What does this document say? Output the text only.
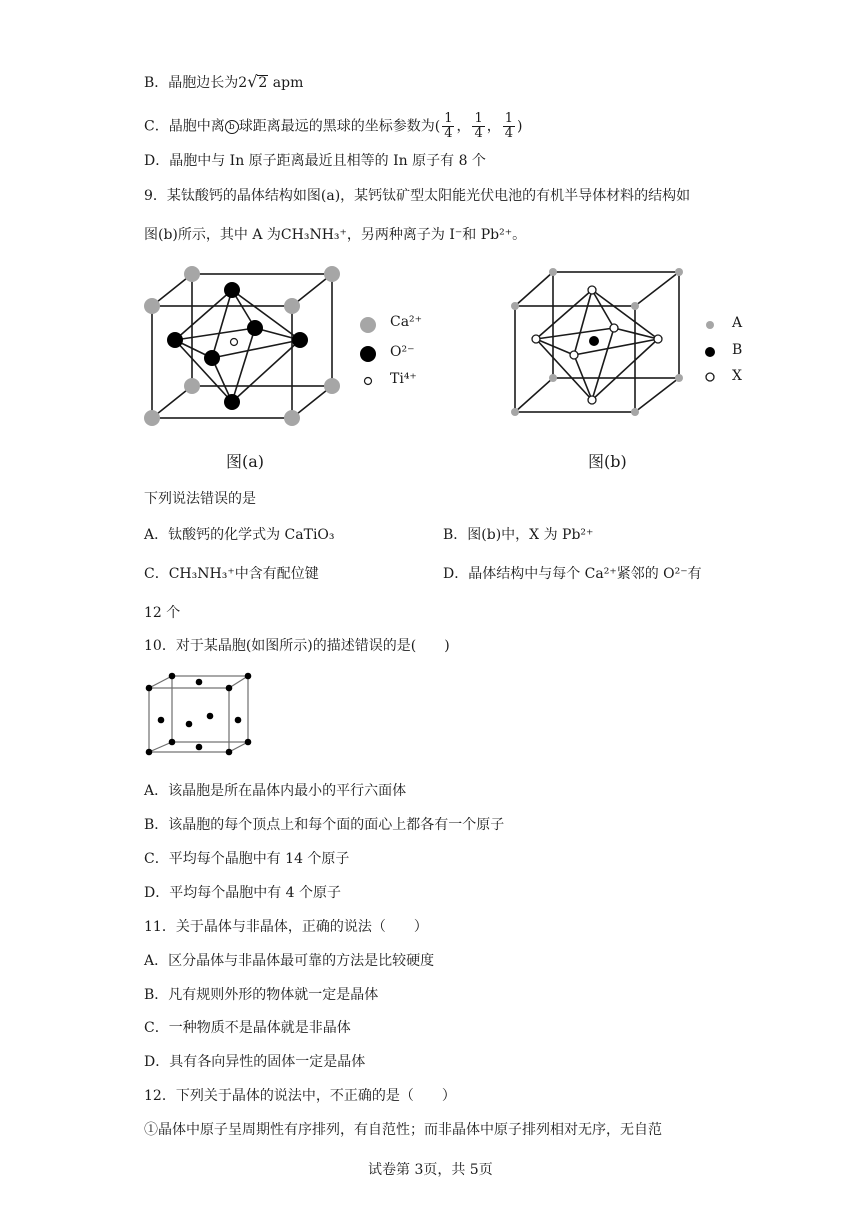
B．晶胞边长为2√2 apm
C．晶胞中离 b 球距离最远的黑球的坐标参数为( $\frac{1}{4}$ ， $\frac{1}{4}$ ， $\frac{1}{4}$ )
D．晶胞中与 In 原子距离最近且相等的 In 原子有 8 个
9．某钛酸钙的晶体结构如图(a)，某钙钛矿型太阳能光伏电池的有机半导体材料的结构如
图(b)所示，其中 A 为CH₃NH₃⁺，另两种离子为 I⁻和 Pb²⁺。
Ca²⁺
O²⁻
Ti⁴⁺
图(a)
A
B
X
图(b)
下列说法错误的是
A．钛酸钙的化学式为 CaTiO₃	B．图(b)中，X 为 Pb²⁺
C．CH₃NH₃⁺中含有配位键	D．晶体结构中与每个 Ca²⁺紧邻的 O²⁻有
12 个
10．对于某晶胞(如图所示)的描述错误的是(　　)
A．该晶胞是所在晶体内最小的平行六面体
B．该晶胞的每个顶点上和每个面的面心上都各有一个原子
C．平均每个晶胞中有 14 个原子
D．平均每个晶胞中有 4 个原子
11．关于晶体与非晶体，正确的说法（　　）
A．区分晶体与非晶体最可靠的方法是比较硬度
B．凡有规则外形的物体就一定是晶体
C．一种物质不是晶体就是非晶体
D．具有各向异性的固体一定是晶体
12．下列关于晶体的说法中，不正确的是（　　）
①晶体中原子呈周期性有序排列，有自范性；而非晶体中原子排列相对无序，无自范
试卷第 3页，共 5页
